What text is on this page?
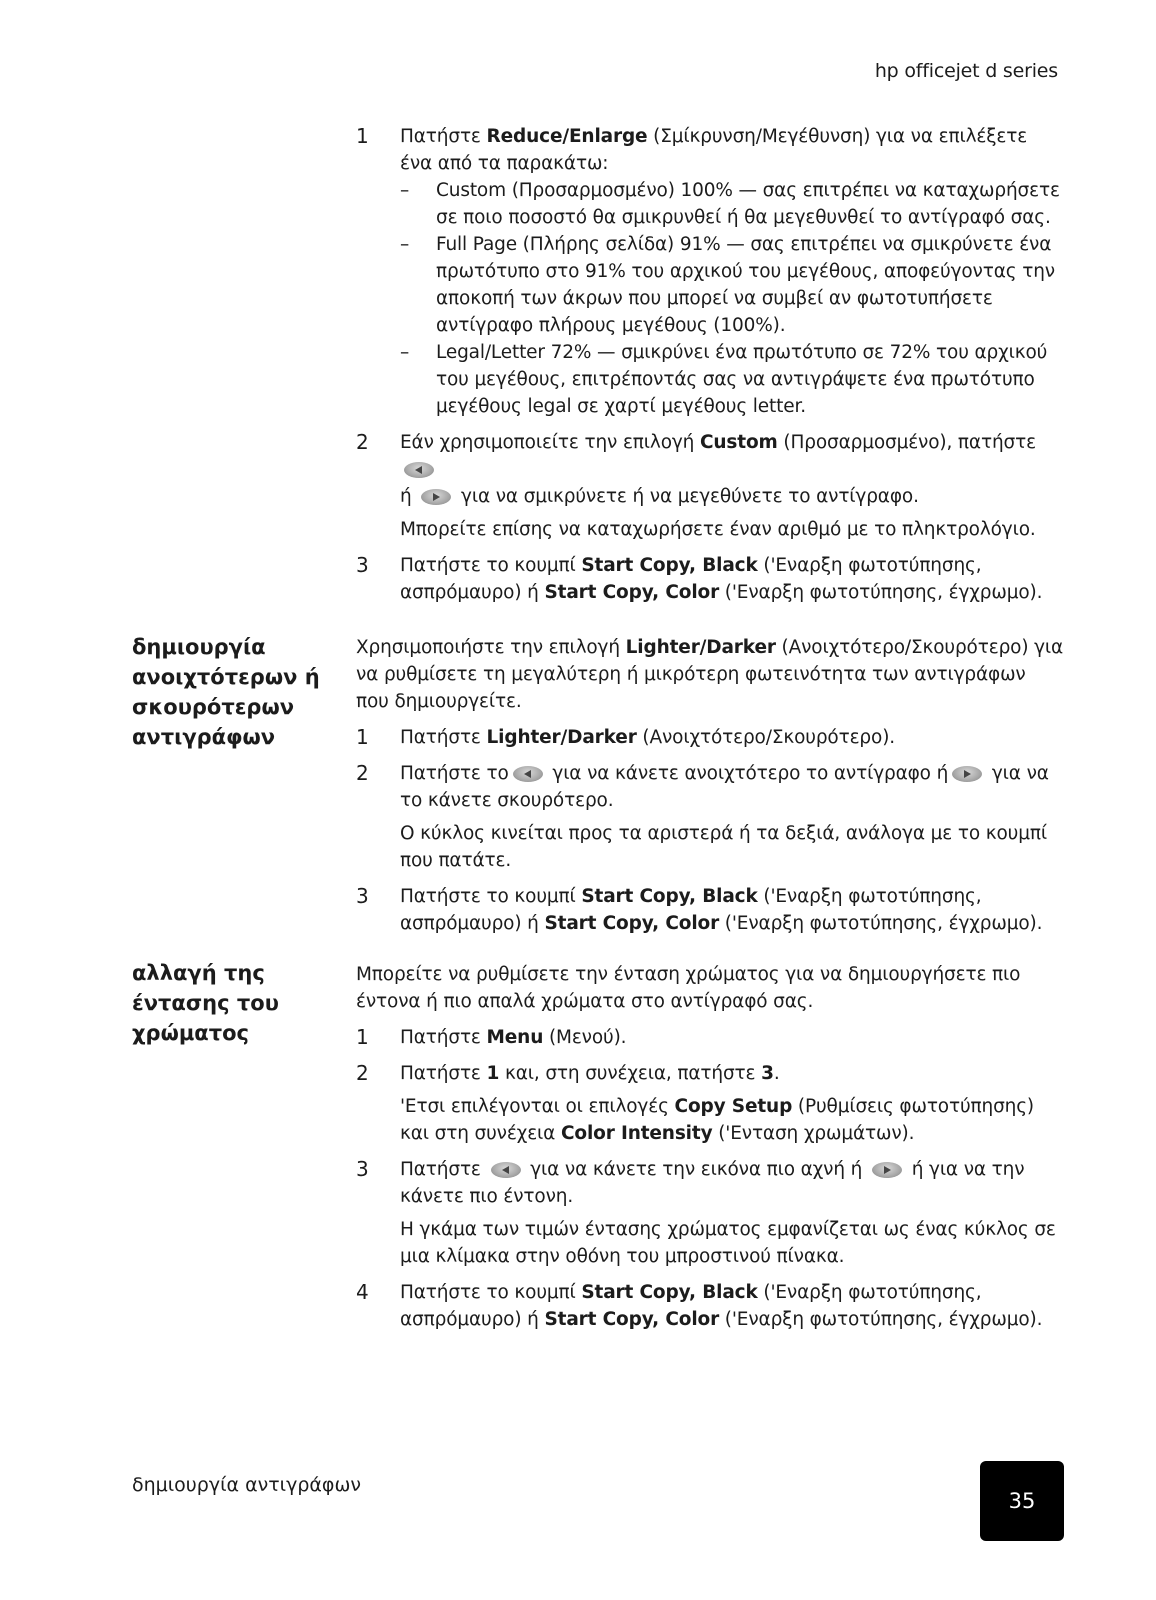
hp officejet d series
1	Πατήστε Reduce/Enlarge (Σμίκρυνση/Μεγέθυνση) για να επιλέξετε ένα από τα παρακάτω:
– Custom (Προσαρμοσμένο) 100% — σας επιτρέπει να καταχωρήσετε σε ποιο ποσοστό θα σμικρυνθεί ή θα μεγεθυνθεί το αντίγραφό σας.
– Full Page (Πλήρης σελίδα) 91% — σας επιτρέπει να σμικρύνετε ένα πρωτότυπο στο 91% του αρχικού του μεγέθους, αποφεύγοντας την αποκοπή των άκρων που μπορεί να συμβεί αν φωτοτυπήσετε αντίγραφο πλήρους μεγέθους (100%).
– Legal/Letter 72% — σμικρύνει ένα πρωτότυπο σε 72% του αρχικού του μεγέθους, επιτρέποντάς σας να αντιγράψετε ένα πρωτότυπο μεγέθους legal σε χαρτί μεγέθους letter.
2	Εάν χρησιμοποιείτε την επιλογή Custom (Προσαρμοσμένο), πατήστε
ή  για να σμικρύνετε ή να μεγεθύνετε το αντίγραφο.
Μπορείτε επίσης να καταχωρήσετε έναν αριθμό με το πληκτρολόγιο.
3	Πατήστε το κουμπί Start Copy, Black ('Εναρξη φωτοτύπησης, ασπρόμαυρο) ή Start Copy, Color ('Εναρξη φωτοτύπησης, έγχρωμο).
δημιουργία ανοιχτότερων ή σκουρότερων αντιγράφων

Χρησιμοποιήστε την επιλογή Lighter/Darker (Ανοιχτότερο/Σκουρότερο) για να ρυθμίσετε τη μεγαλύτερη ή μικρότερη φωτεινότητα των αντιγράφων που δημιουργείτε.

1	Πατήστε Lighter/Darker (Ανοιχτότερο/Σκουρότερο).
2	Πατήστε το για να κάνετε ανοιχτότερο το αντίγραφο ή για να το κάνετε σκουρότερο.
Ο κύκλος κινείται προς τα αριστερά ή τα δεξιά, ανάλογα με το κουμπί που πατάτε.
3	Πατήστε το κουμπί Start Copy, Black ('Εναρξη φωτοτύπησης, ασπρόμαυρο) ή Start Copy, Color ('Εναρξη φωτοτύπησης, έγχρωμο).
αλλαγή της έντασης του χρώματος

Μπορείτε να ρυθμίσετε την ένταση χρώματος για να δημιουργήσετε πιο έντονα ή πιο απαλά χρώματα στο αντίγραφό σας.

1	Πατήστε Menu (Μενού).
2	Πατήστε 1 και, στη συνέχεια, πατήστε 3.
'Ετσι επιλέγονται οι επιλογές Copy Setup (Ρυθμίσεις φωτοτύπησης) και στη συνέχεια Color Intensity ('Ενταση χρωμάτων).
3	Πατήστε  για να κάνετε την εικόνα πιο αχνή ή  ή για να την κάνετε πιο έντονη.
Η γκάμα των τιμών έντασης χρώματος εμφανίζεται ως ένας κύκλος σε μια κλίμακα στην οθόνη του μπροστινού πίνακα.
4	Πατήστε το κουμπί Start Copy, Black ('Εναρξη φωτοτύπησης, ασπρόμαυρο) ή Start Copy, Color ('Εναρξη φωτοτύπησης, έγχρωμο).
δημιουργία αντιγράφων
35
